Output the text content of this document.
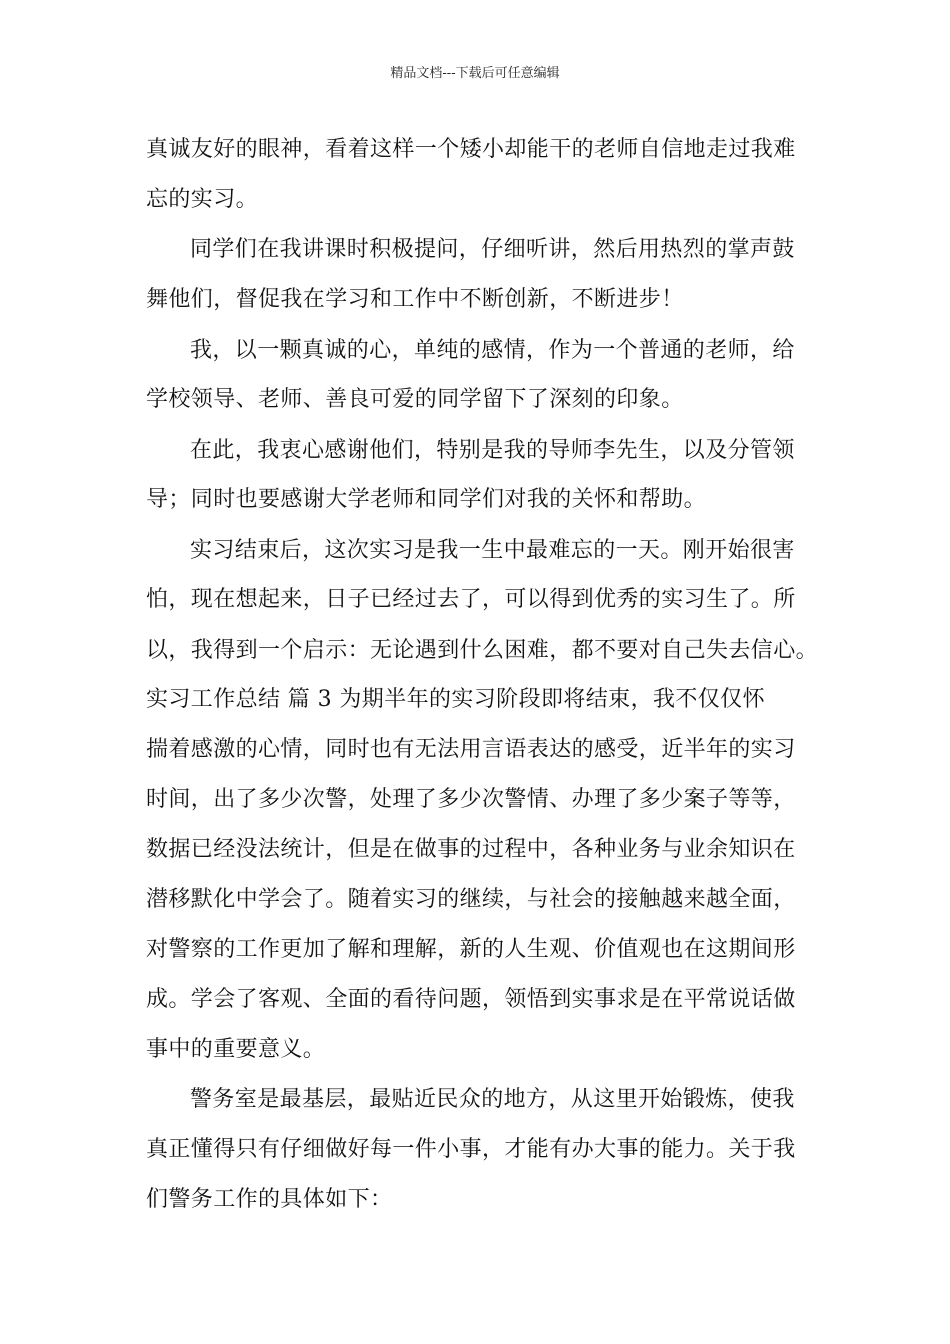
精品文档---下载后可任意编辑
真诚友好的眼神，看着这样一个矮小却能干的老师自信地走过我难
忘的实习。
同学们在我讲课时积极提问，仔细听讲，然后用热烈的掌声鼓
舞他们，督促我在学习和工作中不断创新，不断进步！
我，以一颗真诚的心，单纯的感情，作为一个普通的老师，给
学校领导、老师、善良可爱的同学留下了深刻的印象。
在此，我衷心感谢他们，特别是我的导师李先生，以及分管领
导；同时也要感谢大学老师和同学们对我的关怀和帮助。
实习结束后，这次实习是我一生中最难忘的一天。刚开始很害
怕，现在想起来，日子已经过去了，可以得到优秀的实习生了。所
以，我得到一个启示：无论遇到什么困难，都不要对自己失去信心。
实习工作总结 篇 3 为期半年的实习阶段即将结束，我不仅仅怀
揣着感激的心情，同时也有无法用言语表达的感受，近半年的实习
时间，出了多少次警，处理了多少次警情、办理了多少案子等等，
数据已经没法统计，但是在做事的过程中，各种业务与业余知识在
潜移默化中学会了。随着实习的继续，与社会的接触越来越全面，
对警察的工作更加了解和理解，新的人生观、价值观也在这期间形
成。学会了客观、全面的看待问题，领悟到实事求是在平常说话做
事中的重要意义。
警务室是最基层，最贴近民众的地方，从这里开始锻炼，使我
真正懂得只有仔细做好每一件小事，才能有办大事的能力。关于我
们警务工作的具体如下：
